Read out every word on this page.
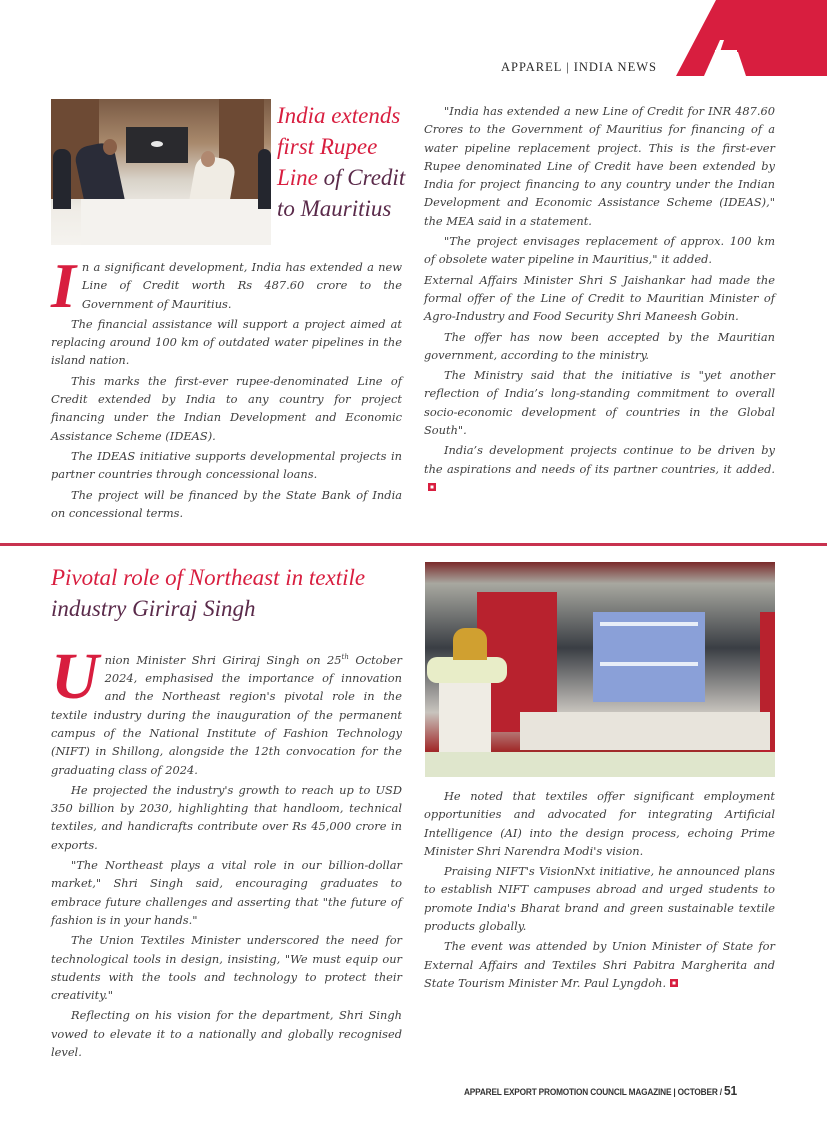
APPAREL | INDIA NEWS
India extends first Rupee Line of Credit to Mauritius

In a significant development, India has extended a new Line of Credit worth Rs 487.60 crore to the Government of Mauritius.

The financial assistance will support a project aimed at replacing around 100 km of outdated water pipelines in the island nation.

This marks the first-ever rupee-denominated Line of Credit extended by India to any country for project financing under the Indian Development and Economic Assistance Scheme (IDEAS).

The IDEAS initiative supports developmental projects in partner countries through concessional loans.

The project will be financed by the State Bank of India on concessional terms.

"India has extended a new Line of Credit for INR 487.60 Crores to the Government of Mauritius for financing of a water pipeline replacement project. This is the first-ever Rupee denominated Line of Credit have been extended by India for project financing to any country under the Indian Development and Economic Assistance Scheme (IDEAS)," the MEA said in a statement.

"The project envisages replacement of approx. 100 km of obsolete water pipeline in Mauritius," it added.

External Affairs Minister Shri S Jaishankar had made the formal offer of the Line of Credit to Mauritian Minister of Agro-Industry and Food Security Shri Maneesh Gobin.

The offer has now been accepted by the Mauritian government, according to the ministry.

The Ministry said that the initiative is "yet another reflection of India’s long-standing commitment to overall socio-economic development of countries in the Global South".

India’s development projects continue to be driven by the aspirations and needs of its partner countries, it added.

Pivotal role of Northeast in textile
industry Giriraj Singh

Union Minister Shri Giriraj Singh on 25th October 2024, emphasised the importance of innovation and the Northeast region's pivotal role in the textile industry during the inauguration of the permanent campus of the National Institute of Fashion Technology (NIFT) in Shillong, alongside the 12th convocation for the graduating class of 2024.

He projected the industry's growth to reach up to USD 350 billion by 2030, highlighting that handloom, technical textiles, and handicrafts contribute over Rs 45,000 crore in exports.

"The Northeast plays a vital role in our billion-dollar market," Shri Singh said, encouraging graduates to embrace future challenges and asserting that "the future of fashion is in your hands."

The Union Textiles Minister underscored the need for technological tools in design, insisting, "We must equip our students with the tools and technology to protect their creativity."

Reflecting on his vision for the department, Shri Singh vowed to elevate it to a nationally and globally recognised level.

He noted that textiles offer significant employment opportunities and advocated for integrating Artificial Intelligence (AI) into the design process, echoing Prime Minister Shri Narendra Modi's vision.

Praising NIFT's VisionNxt initiative, he announced plans to establish NIFT campuses abroad and urged students to promote India's Bharat brand and green sustainable textile products globally.

The event was attended by Union Minister of State for External Affairs and Textiles Shri Pabitra Margherita and State Tourism Minister Mr. Paul Lyngdoh.

APPAREL EXPORT PROMOTION COUNCIL MAGAZINE | OCTOBER / 51
